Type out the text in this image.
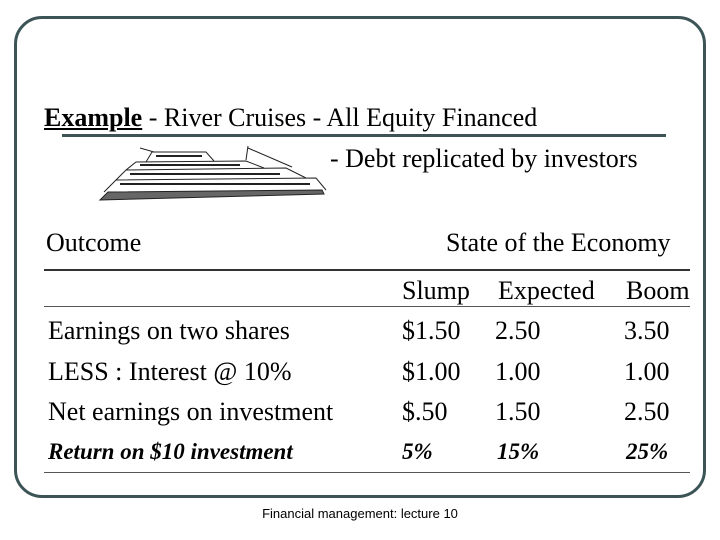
Example - River Cruises - All Equity Financed
- Debt replicated by investors
Outcome	State of the Economy
Slump Expected Boom
Earnings on two shares	$1.50 2.50	3.50
LESS : Interest @ 10%	$1.00 1.00	1.00
Net earnings on investment	$.50 1.50	2.50
Return on $10 investment	5%	15%	25%
Financial management: lecture 10
